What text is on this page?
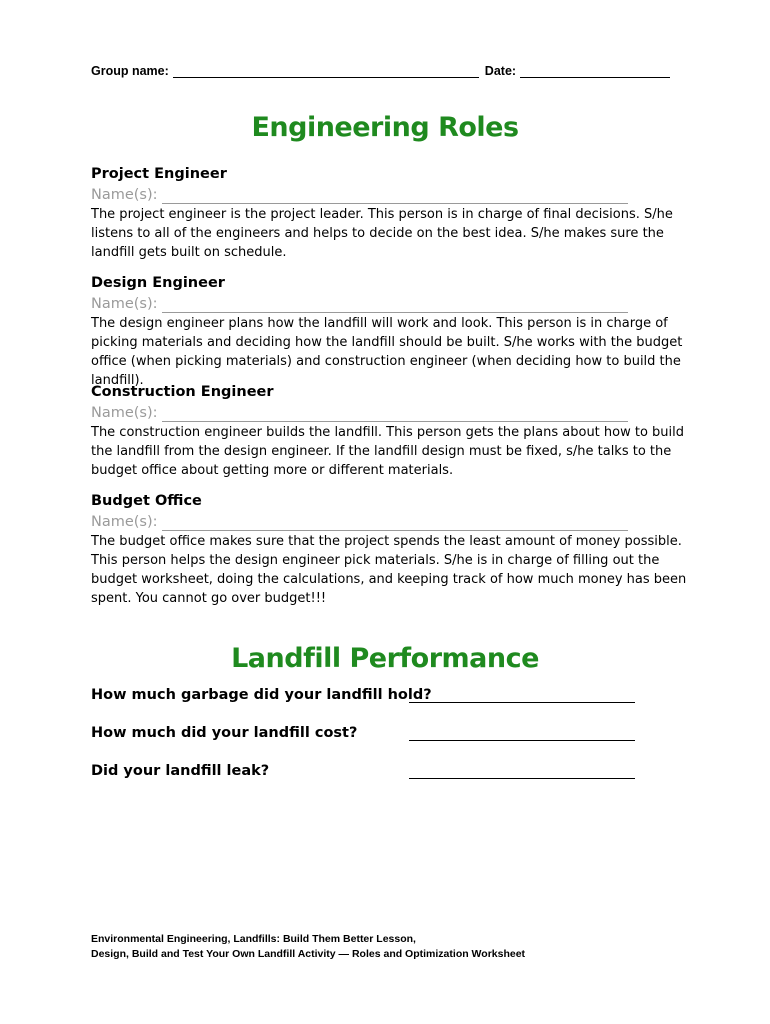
Group name:	Date:
Engineering Roles
Project Engineer
Name(s):
The project engineer is the project leader. This person is in charge of final decisions. S/he listens to all of the engineers and helps to decide on the best idea. S/he makes sure the landfill gets built on schedule.
Design Engineer
Name(s):
The design engineer plans how the landfill will work and look. This person is in charge of picking materials and deciding how the landfill should be built. S/he works with the budget office (when picking materials) and construction engineer (when deciding how to build the landfill).
Construction Engineer
Name(s):
The construction engineer builds the landfill. This person gets the plans about how to build the landfill from the design engineer. If the landfill design must be fixed, s/he talks to the budget office about getting more or different materials.
Budget Office
Name(s):
The budget office makes sure that the project spends the least amount of money possible. This person helps the design engineer pick materials. S/he is in charge of filling out the budget worksheet, doing the calculations, and keeping track of how much money has been spent. You cannot go over budget!!!
Landfill Performance
How much garbage did your landfill hold?
How much did your landfill cost?
Did your landfill leak?
Environmental Engineering, Landfills: Build Them Better Lesson,
Design, Build and Test Your Own Landfill Activity — Roles and Optimization Worksheet
